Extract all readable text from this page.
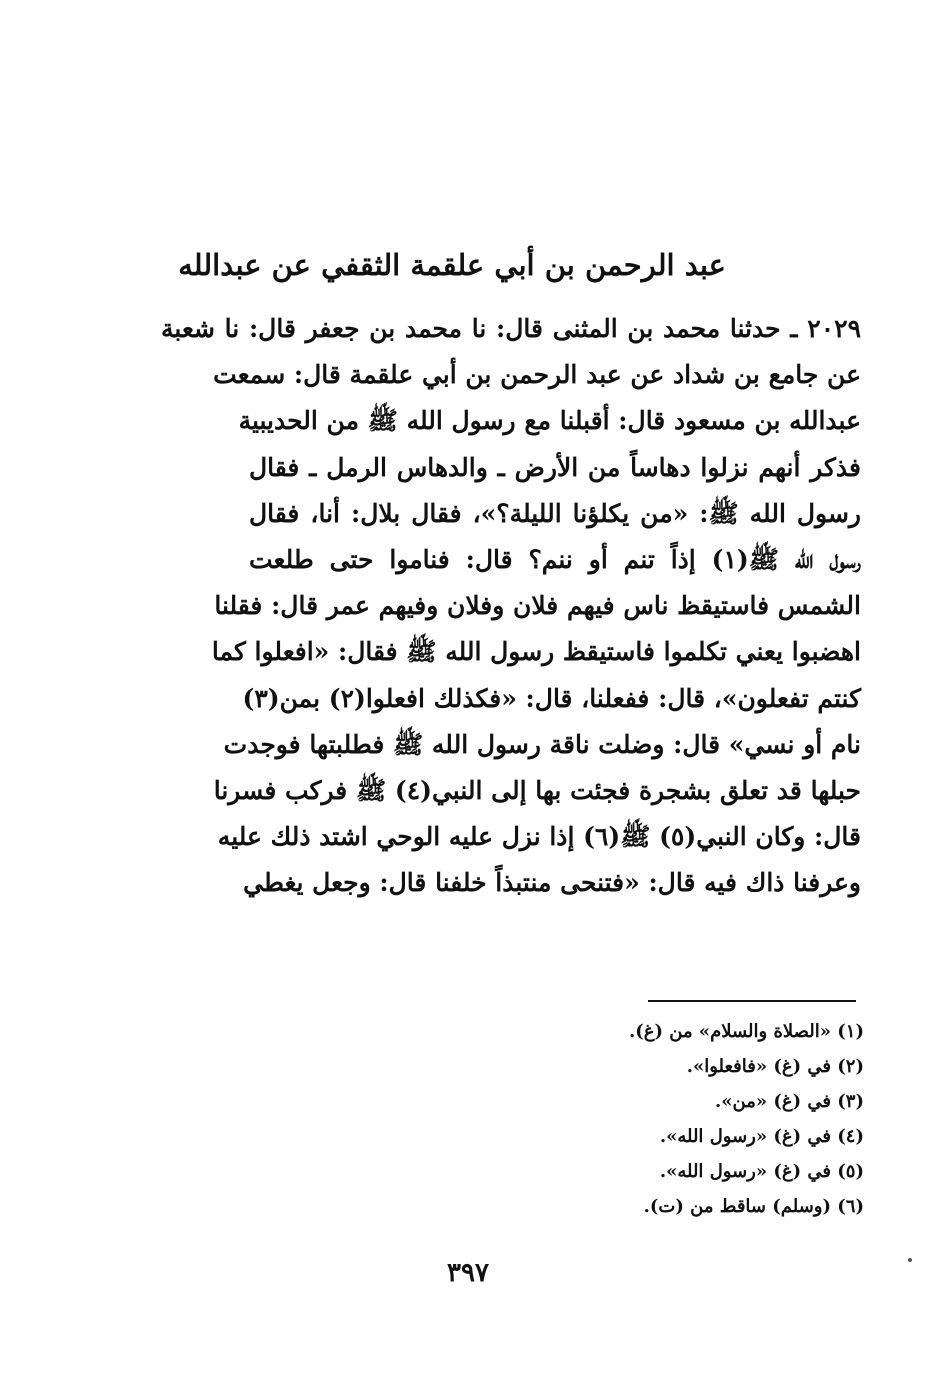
عبد الرحمن بن أبي علقمة الثقفي عن عبدالله
٢٠٢٩ ـ حدثنا محمد بن المثنى قال: نا محمد بن جعفر قال: نا شعبة
عن جامع بن شداد عن عبد الرحمن بن أبي علقمة قال: سمعت
عبدالله بن مسعود قال: أقبلنا مع رسول الله ﷺ من الحديبية
فذكر أنهم نزلوا دهاساً من الأرض ـ والدهاس الرمل ـ فقال
رسول الله ﷺ: «من يكلؤنا الليلة؟»، فقال بلال: أنا، فقال
رسول الله ﷺ(١) إذاً تنم أو ننم؟ قال: فناموا حتى طلعت
الشمس فاستيقظ ناس فيهم فلان وفلان وفيهم عمر قال: فقلنا
اهضبوا يعني تكلموا فاستيقظ رسول الله ﷺ فقال: «افعلوا كما
كنتم تفعلون»، قال: ففعلنا، قال: «فكذلك افعلوا(٢) بمن(٣)
نام أو نسي» قال: وضلت ناقة رسول الله ﷺ فطلبتها فوجدت
حبلها قد تعلق بشجرة فجئت بها إلى النبي(٤) ﷺ فركب فسرنا
قال: وكان النبي(٥) ﷺ(٦) إذا نزل عليه الوحي اشتد ذلك عليه
وعرفنا ذاك فيه قال: «فتنحى منتبذاً خلفنا قال: وجعل يغطي
(١) «الصلاة والسلام» من (غ).
(٢) في (غ) «فافعلوا».
(٣) في (غ) «من».
(٤) في (غ) «رسول الله».
(٥) في (غ) «رسول الله».
(٦) (وسلم) ساقط من (ت).
٣٩٧
